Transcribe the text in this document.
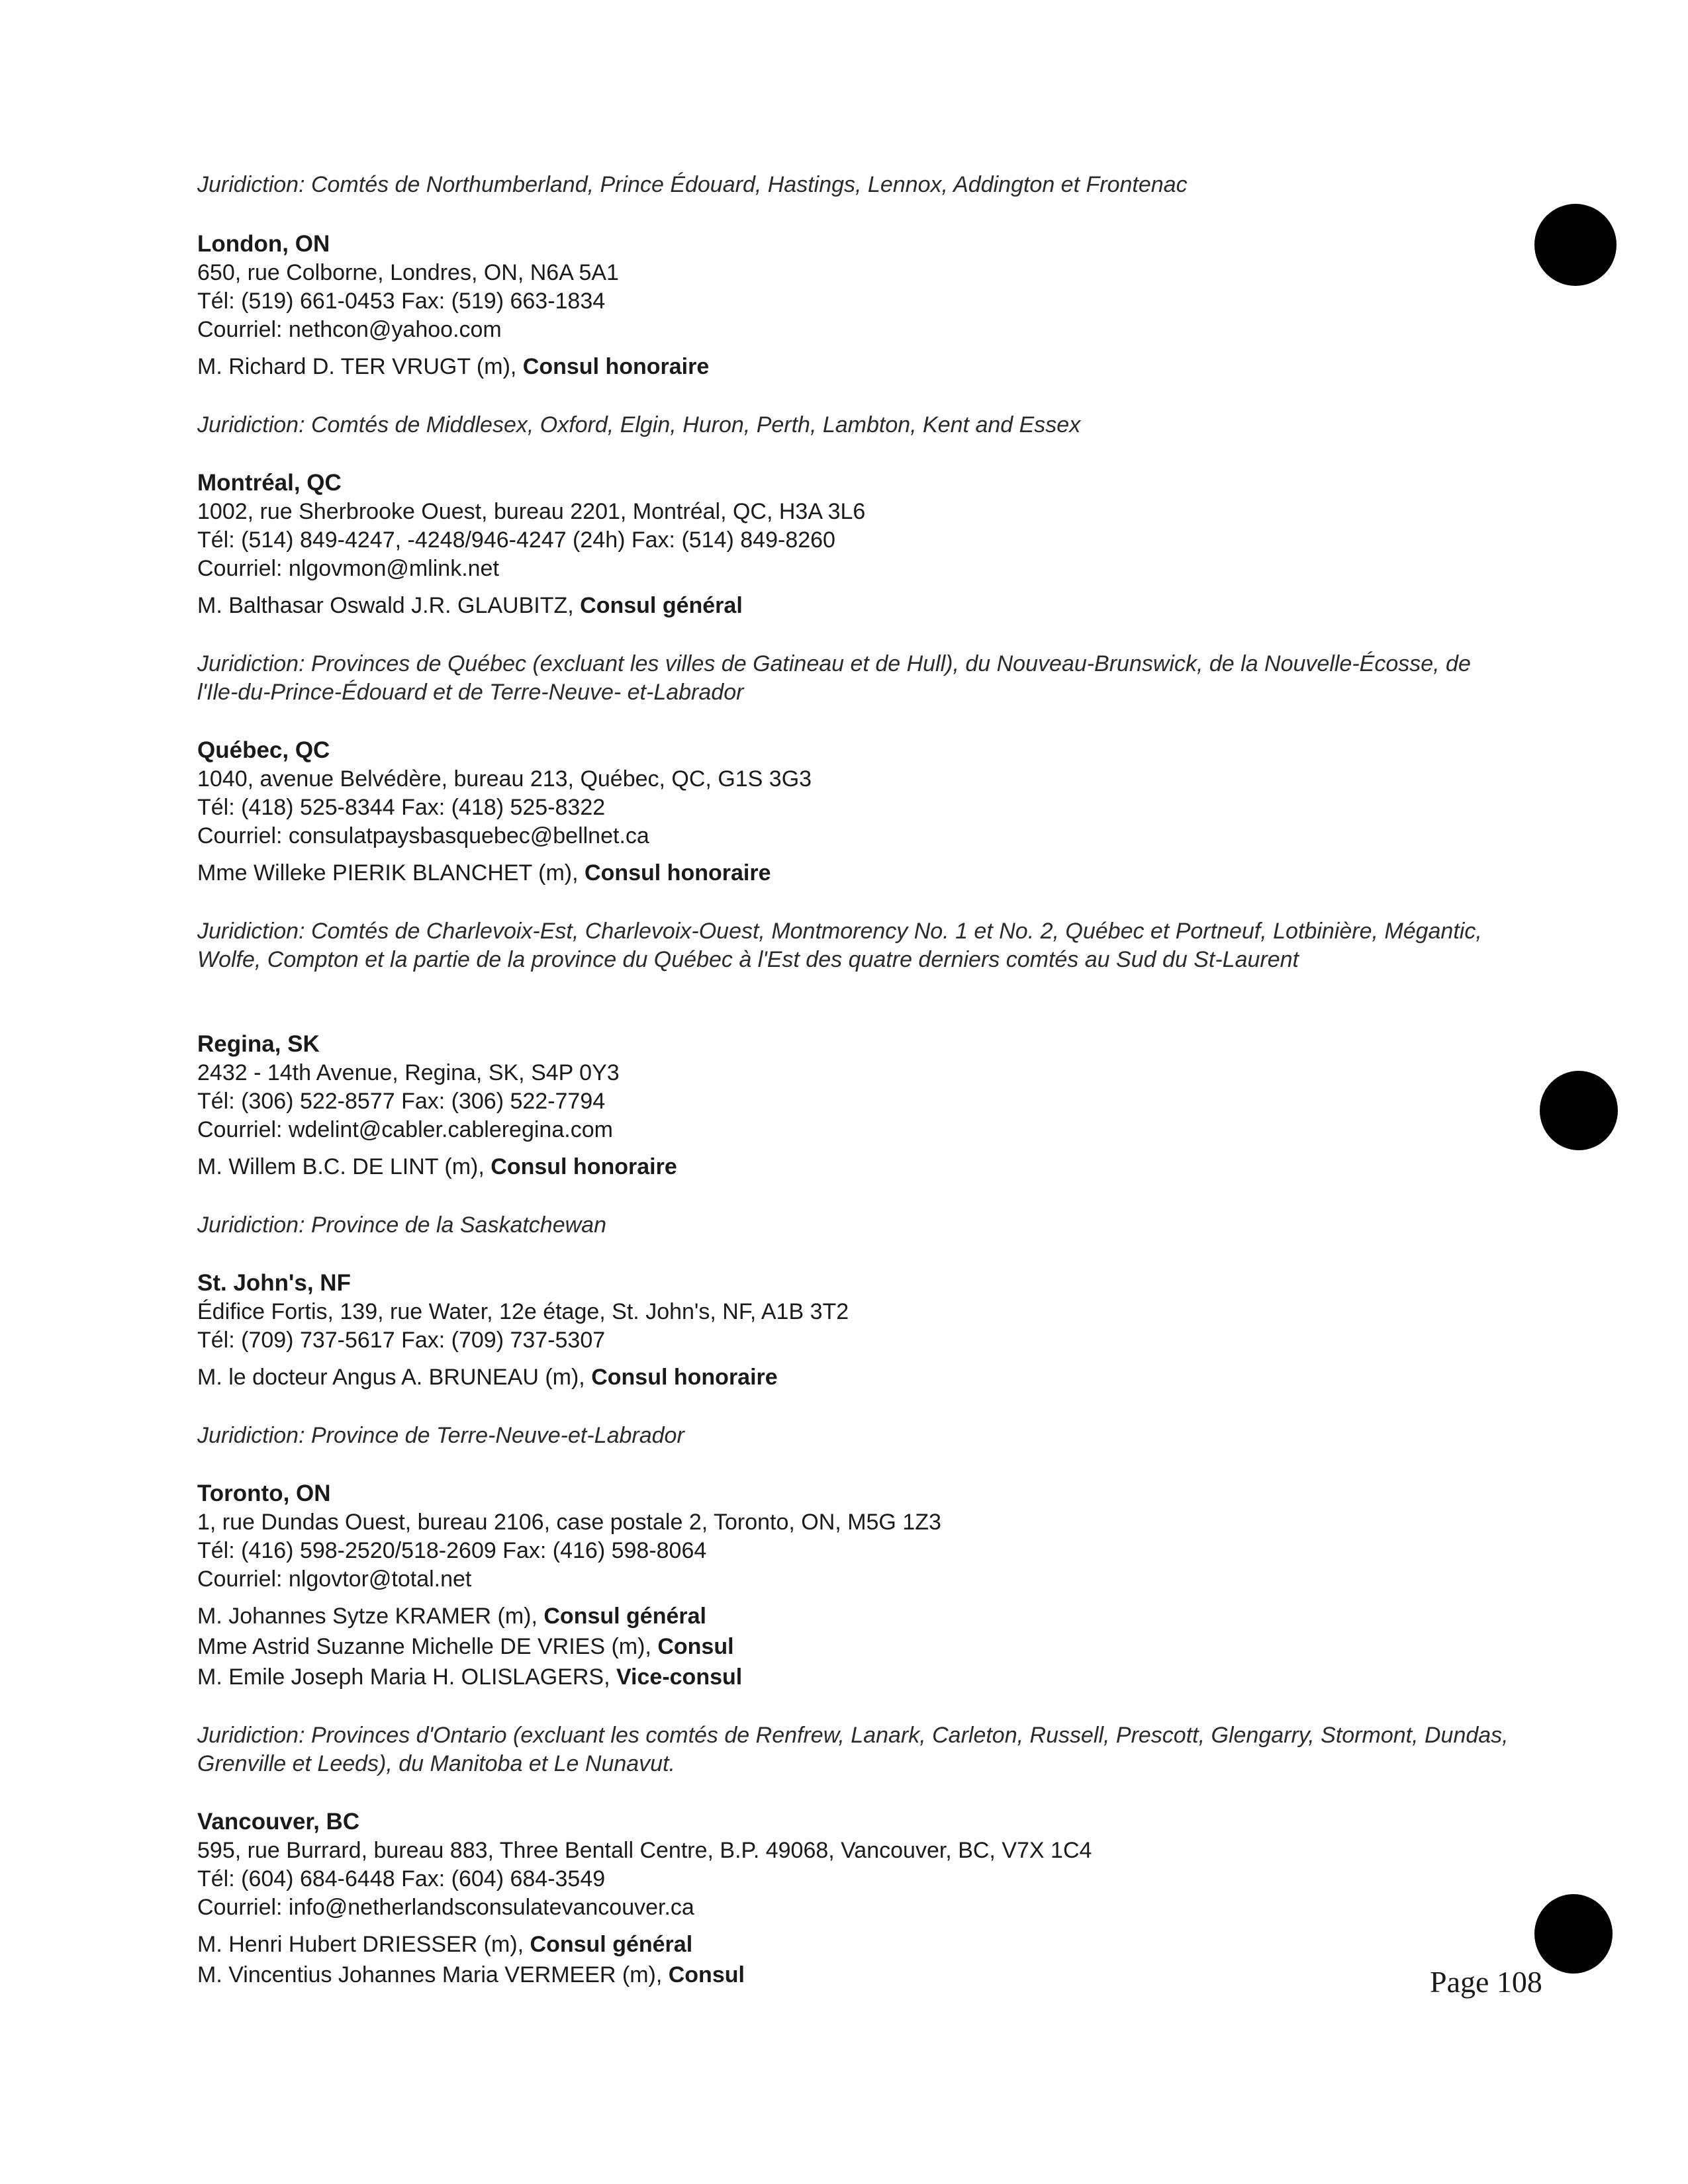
Juridiction: Comtés de Northumberland, Prince Édouard, Hastings, Lennox, Addington et Frontenac
London, ON
650, rue Colborne, Londres, ON, N6A 5A1
Tél: (519) 661-0453 Fax: (519) 663-1834
Courriel: nethcon@yahoo.com
M. Richard D. TER VRUGT (m), Consul honoraire
Juridiction: Comtés de Middlesex, Oxford, Elgin, Huron, Perth, Lambton, Kent and Essex
Montréal, QC
1002, rue Sherbrooke Ouest, bureau 2201, Montréal, QC, H3A 3L6
Tél: (514) 849-4247, -4248/946-4247 (24h) Fax: (514) 849-8260
Courriel: nlgovmon@mlink.net
M. Balthasar Oswald J.R. GLAUBITZ, Consul général
Juridiction: Provinces de Québec (excluant les villes de Gatineau et de Hull), du Nouveau-Brunswick, de la Nouvelle-Écosse, de l'Ile-du-Prince-Édouard et de Terre-Neuve- et-Labrador
Québec, QC
1040, avenue Belvédère, bureau 213, Québec, QC, G1S 3G3
Tél: (418) 525-8344 Fax: (418) 525-8322
Courriel: consulatpaysbasquebec@bellnet.ca
Mme Willeke PIERIK BLANCHET (m), Consul honoraire
Juridiction: Comtés de Charlevoix-Est, Charlevoix-Ouest, Montmorency No. 1 et No. 2, Québec et Portneuf, Lotbinière, Mégantic, Wolfe, Compton et la partie de la province du Québec à l'Est des quatre derniers comtés au Sud du St-Laurent
Regina, SK
2432 - 14th Avenue, Regina, SK, S4P 0Y3
Tél: (306) 522-8577 Fax: (306) 522-7794
Courriel: wdelint@cabler.cableregina.com
M. Willem B.C. DE LINT (m), Consul honoraire
Juridiction: Province de la Saskatchewan
St. John's, NF
Édifice Fortis, 139, rue Water, 12e étage, St. John's, NF, A1B 3T2
Tél: (709) 737-5617 Fax: (709) 737-5307
M. le docteur Angus A. BRUNEAU (m), Consul honoraire
Juridiction: Province de Terre-Neuve-et-Labrador
Toronto, ON
1, rue Dundas Ouest, bureau 2106, case postale 2, Toronto, ON, M5G 1Z3
Tél: (416) 598-2520/518-2609 Fax: (416) 598-8064
Courriel: nlgovtor@total.net
M. Johannes Sytze KRAMER (m), Consul général
Mme Astrid Suzanne Michelle DE VRIES (m), Consul
M. Emile Joseph Maria H. OLISLAGERS, Vice-consul
Juridiction: Provinces d'Ontario (excluant les comtés de Renfrew, Lanark, Carleton, Russell, Prescott, Glengarry, Stormont, Dundas, Grenville et Leeds), du Manitoba et Le Nunavut.
Vancouver, BC
595, rue Burrard, bureau 883, Three Bentall Centre, B.P. 49068, Vancouver, BC, V7X 1C4
Tél: (604) 684-6448 Fax: (604) 684-3549
Courriel: info@netherlandsconsulatevancouver.ca
M. Henri Hubert DRIESSER (m), Consul général
M. Vincentius Johannes Maria VERMEER (m), Consul	Page 108
